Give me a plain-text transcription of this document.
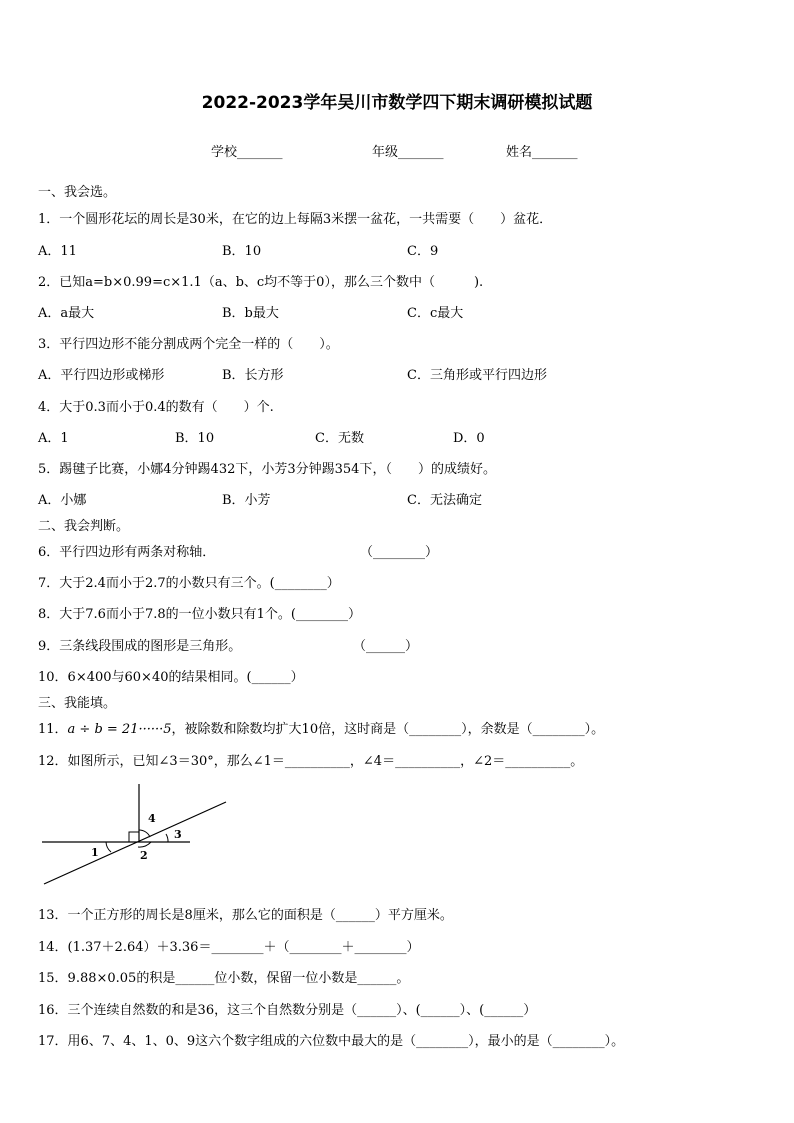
2022-2023学年吴川市数学四下期末调研模拟试题
学校_______	年级_______	姓名_______
一、我会选。
1．一个圆形花坛的周长是30米，在它的边上每隔3米摆一盆花，一共需要（　　）盆花．
A．11	B．10	C．9
2．已知a=b×0.99=c×1.1（a、b、c均不等于0），那么三个数中（　　　).
A．a最大	B．b最大	C．c最大
3．平行四边形不能分割成两个完全一样的（　　）。
A．平行四边形或梯形	B．长方形	C．三角形或平行四边形
4．大于0.3而小于0.4的数有（　　）个.
A．1	B．10	C．无数	D．0
5．踢毽子比赛，小娜4分钟踢432下，小芳3分钟踢354下，（　　）的成绩好。
A．小娜	B．小芳	C．无法确定
二、我会判断。
6．平行四边形有两条对称轴．	（________）
7．大于2.4而小于2.7的小数只有三个。(________）
8．大于7.6而小于7.8的一位小数只有1个。(________）
9．三条线段围成的图形是三角形。	（______）
10．6×400与60×40的结果相同。(______）
三、我能填。
11．a ÷ b = 21······5，被除数和除数均扩大10倍，这时商是（________），余数是（________）。
12．如图所示，已知∠3＝30°，那么∠1＝__________，∠4＝__________，∠2＝__________。
1	2
3
4
13．一个正方形的周长是8厘米，那么它的面积是（______）平方厘米。
14．(1.37＋2.64）＋3.36＝________＋（________＋________）
15．9.88×0.05的积是______位小数，保留一位小数是______。
16．三个连续自然数的和是36，这三个自然数分别是（______）、(______）、(______）
17．用6、7、4、1、0、9这六个数字组成的六位数中最大的是（________），最小的是（________）。
